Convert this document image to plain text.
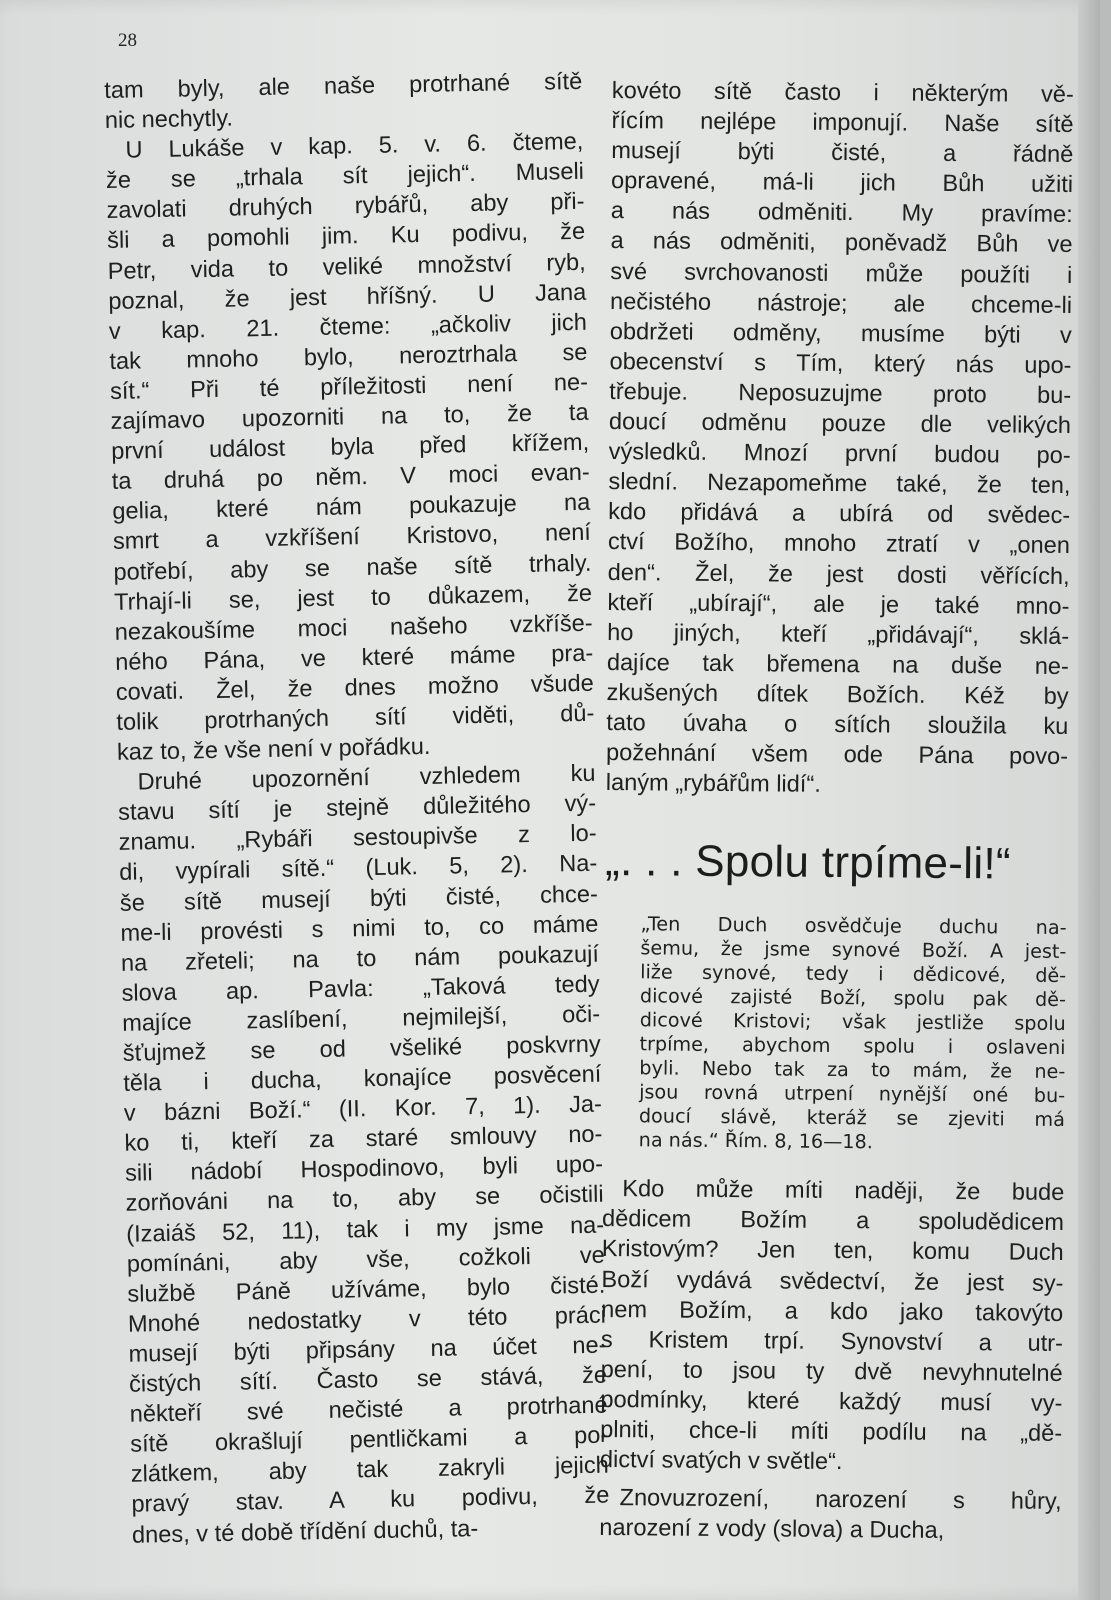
28
tam byly, ale naše protrhané sítě
nic nechytly.
U Lukáše v kap. 5. v. 6. čteme,
že se „trhala sít jejich“. Museli
zavolati druhých rybářů, aby při-
šli a pomohli jim. Ku podivu, že
Petr, vida to veliké množství ryb,
poznal, že jest hříšný. U Jana
v kap. 21. čteme: „ačkoliv jich
tak mnoho bylo, neroztrhala se
sít.“ Při té příležitosti není ne-
zajímavo upozorniti na to, že ta
první událost byla před křížem,
ta druhá po něm. V moci evan-
gelia, které nám poukazuje na
smrt a vzkříšení Kristovo, není
potřebí, aby se naše sítě trhaly.
Trhají-li se, jest to důkazem, že
nezakoušíme moci našeho vzkříše-
ného Pána, ve které máme pra-
covati. Žel, že dnes možno všude
tolik protrhaných sítí viděti, dů-
kaz to, že vše není v pořádku.
Druhé upozornění vzhledem ku
stavu sítí je stejně důležitého vý-
znamu. „Rybáři sestoupivše z lo-
di, vypírali sítě.“ (Luk. 5, 2). Na-
še sítě musejí býti čisté, chce-
me-li provésti s nimi to, co máme
na zřeteli; na to nám poukazují
slova ap. Pavla: „Taková tedy
majíce zaslíbení, nejmilejší, oči-
šťujmež se od všeliké poskvrny
těla i ducha, konajíce posvěcení
v bázni Boží.“ (II. Kor. 7, 1). Ja-
ko ti, kteří za staré smlouvy no-
sili nádobí Hospodinovo, byli upo-
zorňováni na to, aby se očistili
(Izaiáš 52, 11), tak i my jsme na-
pomínáni, aby vše, cožkoli ve
službě Páně užíváme, bylo čisté.
Mnohé nedostatky v této práci
musejí býti připsány na účet ne-
čistých sítí. Často se stává, že
někteří své nečisté a protrhané
sítě okrašlují pentličkami a po-
zlátkem, aby tak zakryli jejich
pravý stav. A ku podivu, že
dnes, v té době třídění duchů, ta-
kovéto sítě často i některým vě-
řícím nejlépe imponují. Naše sítě
musejí býti čisté, a řádně
opravené, má-li jich Bůh užiti
a nás odměniti. My pravíme:
a nás odměniti, poněvadž Bůh ve
své svrchovanosti může použíti i
nečistého nástroje; ale chceme-li
obdržeti odměny, musíme býti v
obecenství s Tím, který nás upo-
třebuje. Neposuzujme proto bu-
doucí odměnu pouze dle velikých
výsledků. Mnozí první budou po-
slední. Nezapomeňme také, že ten,
kdo přidává a ubírá od svědec-
ctví Božího, mnoho ztratí v „onen
den“. Žel, že jest dosti věřících,
kteří „ubírají“, ale je také mno-
ho jiných, kteří „přidávají“, sklá-
dajíce tak břemena na duše ne-
zkušených dítek Božích. Kéž by
tato úvaha o sítích sloužila ku
požehnání všem ode Pána povo-
laným „rybářům lidí“.
„. . . Spolu trpíme-li!“
„Ten Duch osvědčuje duchu na-
šemu, že jsme synové Boží. A jest-
liže synové, tedy i dědicové, dě-
dicové zajisté Boží, spolu pak dě-
dicové Kristovi; však jestliže spolu
trpíme, abychom spolu i oslaveni
byli. Nebo tak za to mám, že ne-
jsou rovná utrpení nynější oné bu-
doucí slávě, kteráž se zjeviti má
na nás.“ Řím. 8, 16—18.
Kdo může míti naději, že bude
dědicem Božím a spoludědicem
Kristovým? Jen ten, komu Duch
Boží vydává svědectví, že jest sy-
nem Božím, a kdo jako takovýto
s Kristem trpí. Synovství a utr-
pení, to jsou ty dvě nevyhnutelné
podmínky, které každý musí vy-
plniti, chce-li míti podílu na „dě-
dictví svatých v světle“.
Znovuzrození, narození s hůry,
narození z vody (slova) a Ducha,
